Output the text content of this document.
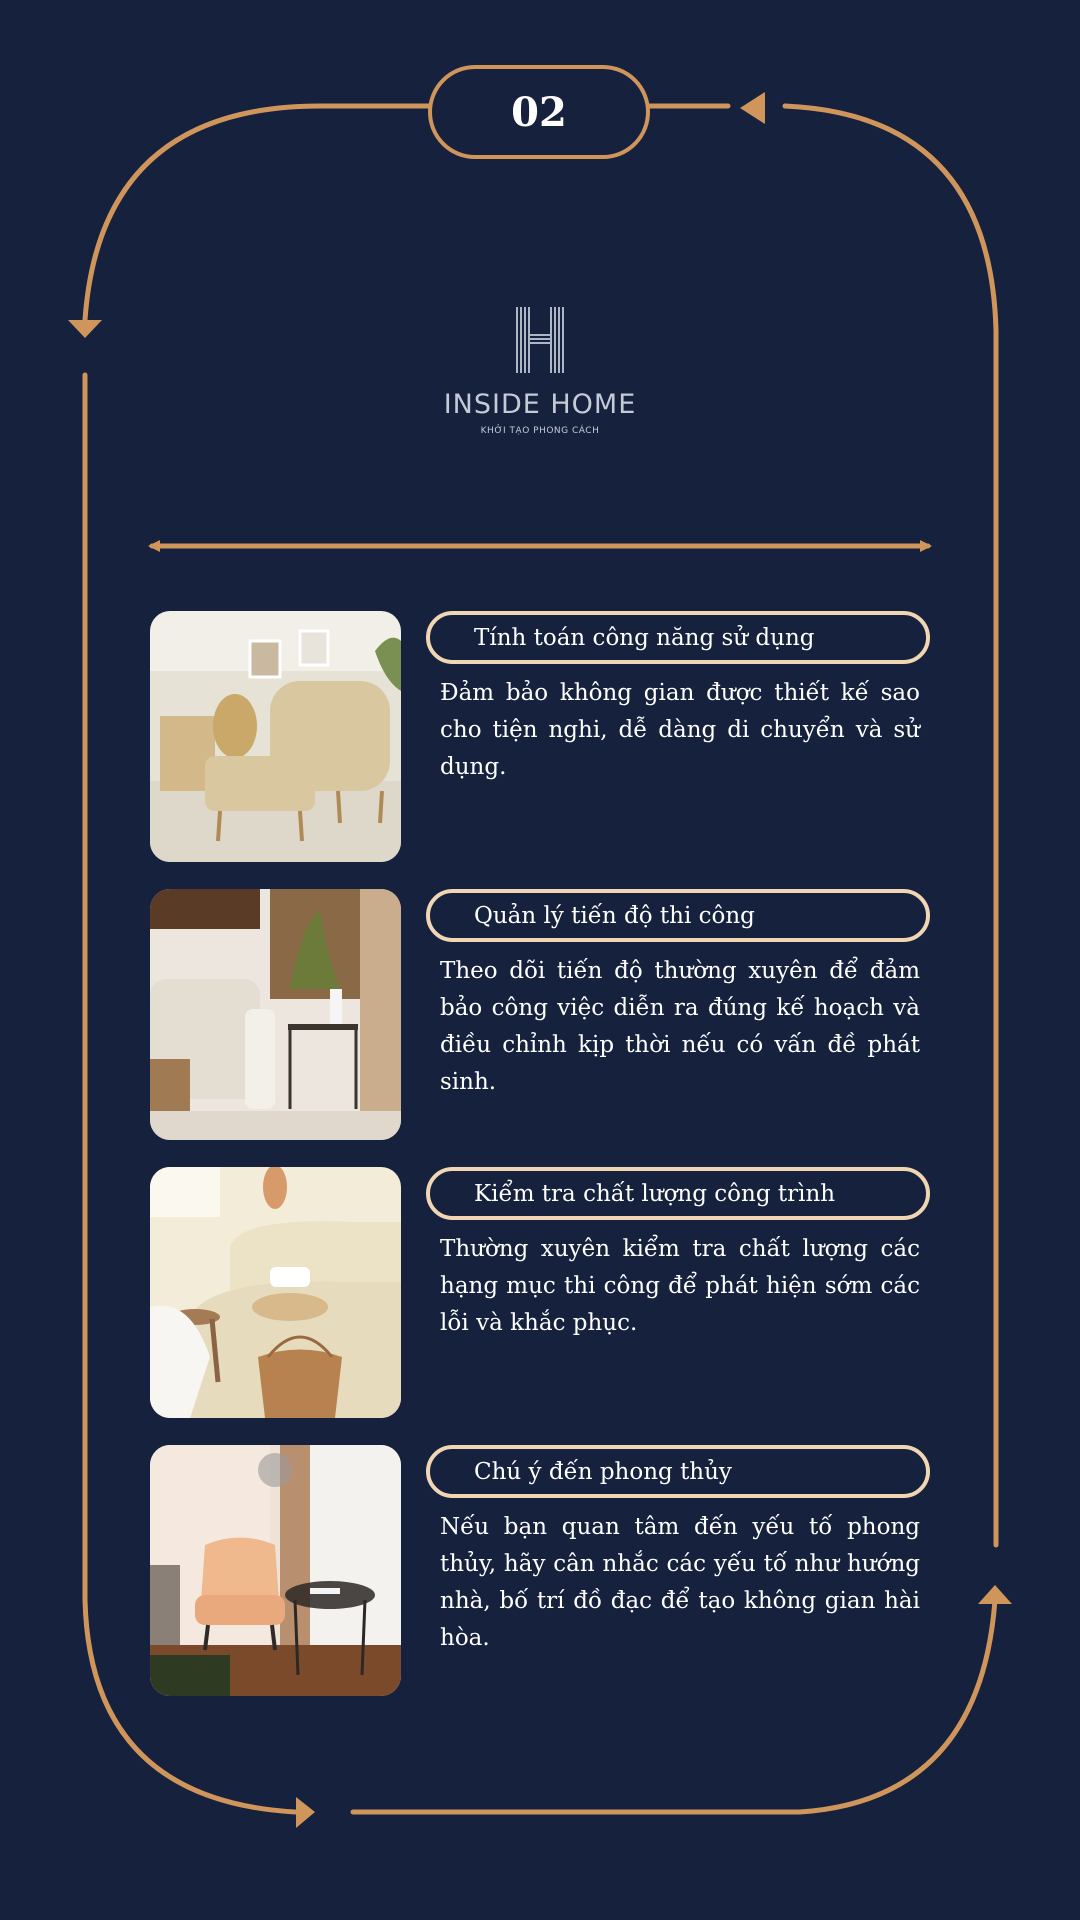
02
INSIDE HOME
KHỞI TẠO PHONG CÁCH
Tính toán công năng sử dụng
Đảm bảo không gian được thiết kế sao cho tiện nghi, dễ dàng di chuyển và sử dụng.
Quản lý tiến độ thi công
Theo dõi tiến độ thường xuyên để đảm bảo công việc diễn ra đúng kế hoạch và điều chỉnh kịp thời nếu có vấn đề phát sinh.
Kiểm tra chất lượng công trình
Thường xuyên kiểm tra chất lượng các hạng mục thi công để phát hiện sớm các lỗi và khắc phục.
Chú ý đến phong thủy
Nếu bạn quan tâm đến yếu tố phong thủy, hãy cân nhắc các yếu tố như hướng nhà, bố trí đồ đạc để tạo không gian hài hòa.
